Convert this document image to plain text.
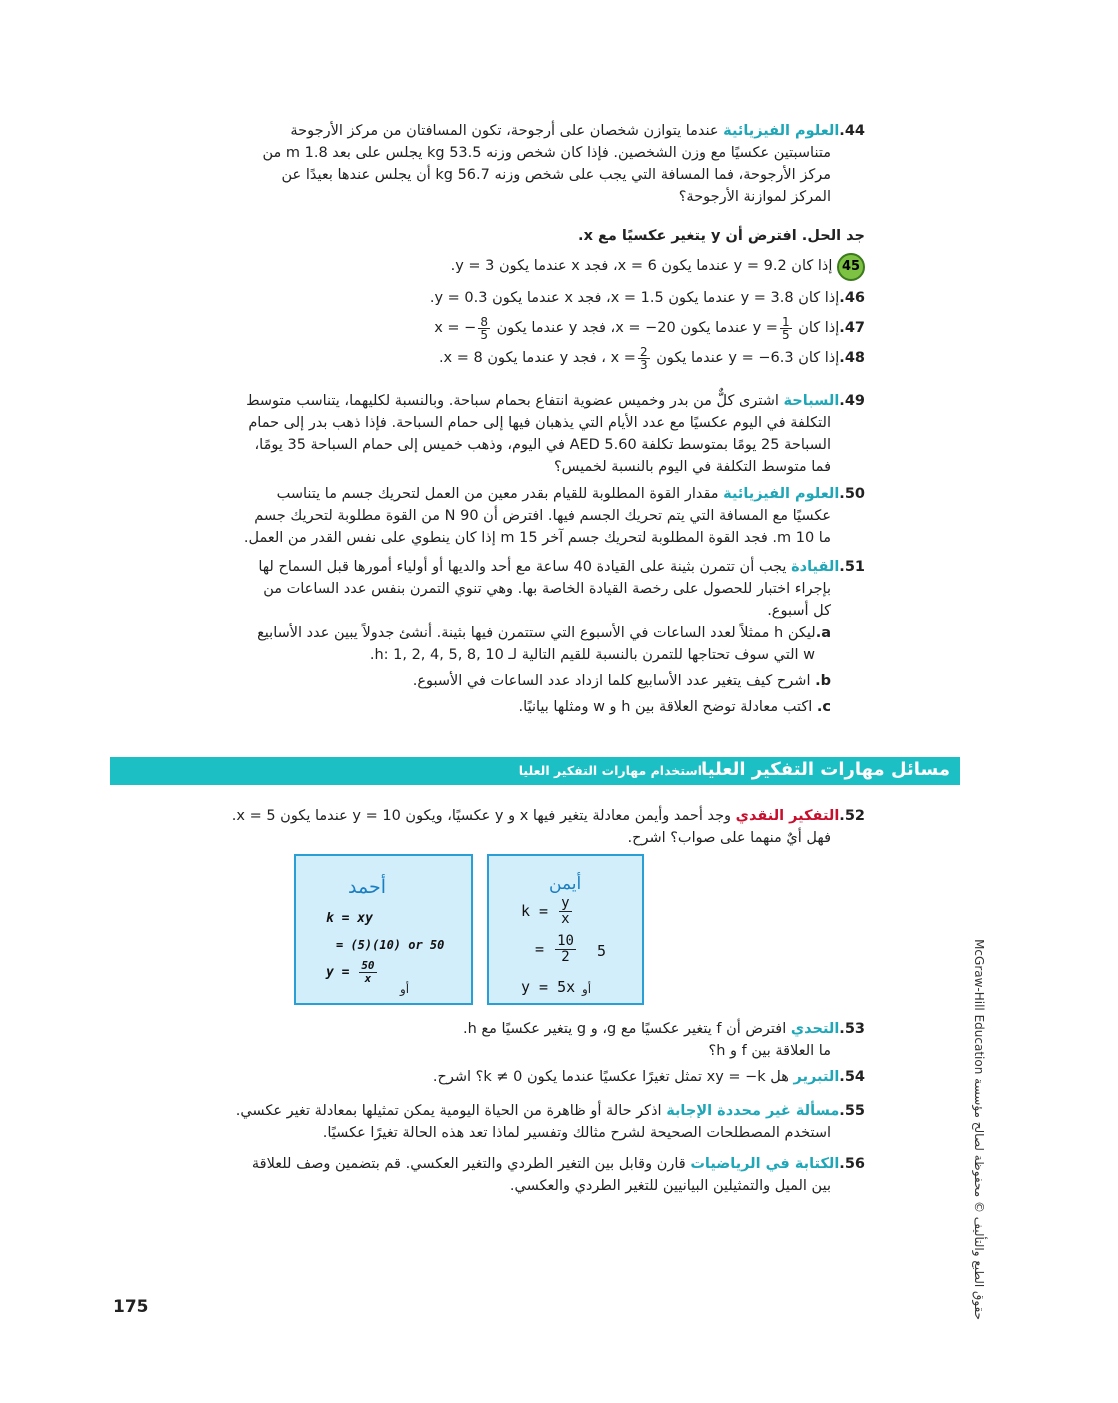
44.العلوم الفيزيائية عندما يتوازن شخصان على أرجوحة، تكون المسافتان من مركز الأرجوحة
متناسبتين عكسيًا مع وزن الشخصين. فإذا كان شخص وزنه 53.5 kg يجلس على بعد 1.8 m من
مركز الأرجوحة، فما المسافة التي يجب على شخص وزنه 56.7 kg أن يجلس عندها بعيدًا عن
المركز لموازنة الأرجوحة؟
جد الحل. افترض أن y يتغير عكسيًا مع x.
45 إذا كان y = 9.2 عندما يكون x = 6، فجد x عندما يكون y = 3.
46.إذا كان y = 3.8 عندما يكون x = 1.5، فجد x عندما يكون y = 0.3.
47.إذا كان $y = \frac{1}{5}$
عندما يكون x = −20، فجد y عندما يكون x = − $\frac{8}{5}$
48.إذا كان y = −6.3 عندما يكون $x = \frac{2}{3}$
، فجد y عندما يكون x = 8.
49.السباحة اشترى كلٌّ من بدر وخميس عضوية انتفاع بحمام سباحة. وبالنسبة لكليهما، يتناسب متوسط
التكلفة في اليوم عكسيًا مع عدد الأيام التي يذهبان فيها إلى حمام السباحة. فإذا ذهب بدر إلى حمام
السباحة 25 يومًا بمتوسط تكلفة AED 5.60 في اليوم، وذهب خميس إلى حمام السباحة 35 يومًا،
فما متوسط التكلفة في اليوم بالنسبة لخميس؟
50.العلوم الفيزيائية مقدار القوة المطلوبة للقيام بقدر معين من العمل لتحريك جسم ما يتناسب
عكسيًا مع المسافة التي يتم تحريك الجسم فيها. افترض أن 90 N من القوة مطلوبة لتحريك جسم
ما 10 m. فجد القوة المطلوبة لتحريك جسم آخر 15 m إذا كان ينطوي على نفس القدر من العمل.
51.القيادة يجب أن تتمرن بثينة على القيادة 40 ساعة مع أحد والديها أو أولياء أمورها قبل السماح لها
بإجراء اختبار للحصول على رخصة القيادة الخاصة بها. وهي تنوي التمرن بنفس عدد الساعات من
كل أسبوع.
a.ليكن h ممثلاً لعدد الساعات في الأسبوع التي ستتمرن فيها بثينة. أنشئ جدولاً يبين عدد الأسابيع
w التي سوف تحتاجها للتمرن بالنسبة للقيم التالية لـ h: 1, 2, 4, 5, 8, 10.
b. اشرح كيف يتغير عدد الأسابيع كلما ازداد عدد الساعات في الأسبوع.
c. اكتب معادلة توضح العلاقة بين h و w ومثلها بيانيًا.
مسائل مهارات التفكير العليا
استخدام مهارات التفكير العليا
52.التفكير النقدي وجد أحمد وأيمن معادلة يتغير فيها x و y عكسيًا، ويكون y = 10 عندما يكون x = 5.
فهل أيٌ منهما على صواب؟ اشرح.
أحمد
k = xy
= (5)(10) or 50
$y = \frac{50}{x}$
أو
أيمن
$k = \frac{y}{x}$
= $\frac{10}{2} 5$
y = 5x أو
53.التحدي افترض أن f يتغير عكسيًا مع g، و g يتغير عكسيًا مع h.
ما العلاقة بين f و h؟
54.التبرير هل xy = −k تمثل تغيرًا عكسيًا عندما يكون k ≠ 0؟ اشرح.
55.مسألة غير محددة الإجابة اذكر حالة أو ظاهرة من الحياة اليومية يمكن تمثيلها بمعادلة تغير عكسي.
استخدم المصطلحات الصحيحة لشرح مثالك وتفسير لماذا تعد هذه الحالة تغيرًا عكسيًا.
56.الكتابة في الرياضيات قارن وقابل بين التغير الطردي والتغير العكسي. قم بتضمين وصف للعلاقة
بين الميل والتمثيلين البيانيين للتغير الطردي والعكسي.
175
حقوق الطبع والتأليف © محفوظة لصالح مؤسسة McGraw-Hill Education
